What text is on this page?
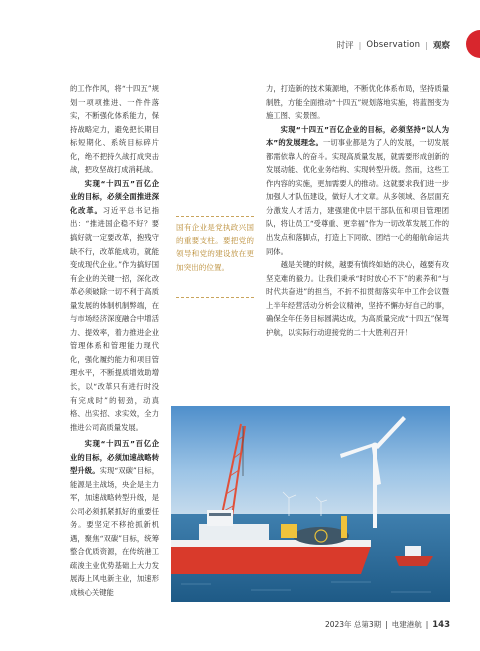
时评 | Observation | 观察

的工作作风，将“十四五”规划一项项推进、一件件落实，不断强化体系能力，保持战略定力，避免把长期目标短期化、系统目标碎片化，绝不把持久战打成突击战，把攻坚战打成消耗战。

实现“十四五”百亿企业的目标，必须全面推进深化改革。习近平总书记指出：“推进国企稳不好？要搞好就一定要改革，抱残守缺不行，改革能成功，就能变成现代企业。”作为搞好国有企业的关键一招，深化改革必须破除一切不利于高质量发展的体制机制弊端，在与市场经济深度融合中增活力、提效率，着力推进企业管理体系和管理能力现代化，强化履约能力和项目管理水平，不断提质增效助增长，以“改革只有进行时没有完成时”的韧劲，动真格、出实招、求实效，全力推进公司高质量发展。

国有企业是党执政兴国的重要支柱。要把党的领导和党的建设放在更加突出的位置。

实现“十四五”百亿企业的目标，必须加速战略转型升级。实现“双碳”目标，能源是主战场，央企是主力军，加速战略转型升级，是公司必须抓紧抓好的重要任务。要坚定不移抢抓新机遇，聚焦“双碳”目标，统筹整合优质资源，在传统港工疏浚主业优势基础上大力发展海上风电新主业，加速形成核心关键能

力，打造新的技术策源地，不断优化体系布局，坚持质量制胜，方能全面推动“十四五”规划落地实施，将蓝图变为施工图、实景图。

实现“十四五”百亿企业的目标，必须坚持“以人为本”的发展理念。一切事业都是为了人的发展，一切发展都需依靠人的奋斗。实现高质量发展，就需要形成创新的发展动能、优化业务结构、实现转型升级。然而，这些工作内容的实施，更加需要人的推动。这就要求我们进一步加强人才队伍建设，做好人才文章。从多领域、各层面充分激发人才活力，建强建优中层干部队伍和项目管理团队，将让员工“受尊重、更幸福”作为一切改革发展工作的出发点和落脚点，打造上下同欲、团结一心的船航命运共同体。

越是关键的时候，越要有慎终如始的决心，越要有攻坚克难的毅力。让我们秉承“时时放心不下”的素养和“与时代共奋进”的担当，不折不扣贯彻落实年中工作会议暨上半年经营活动分析会议精神，坚持不懈办好自己的事，确保全年任务目标圆满达成，为高质量完成“十四五”保驾护航，以实际行动迎接党的二十大胜利召开！

2023年 总第3期 | 电建港航 | 143
